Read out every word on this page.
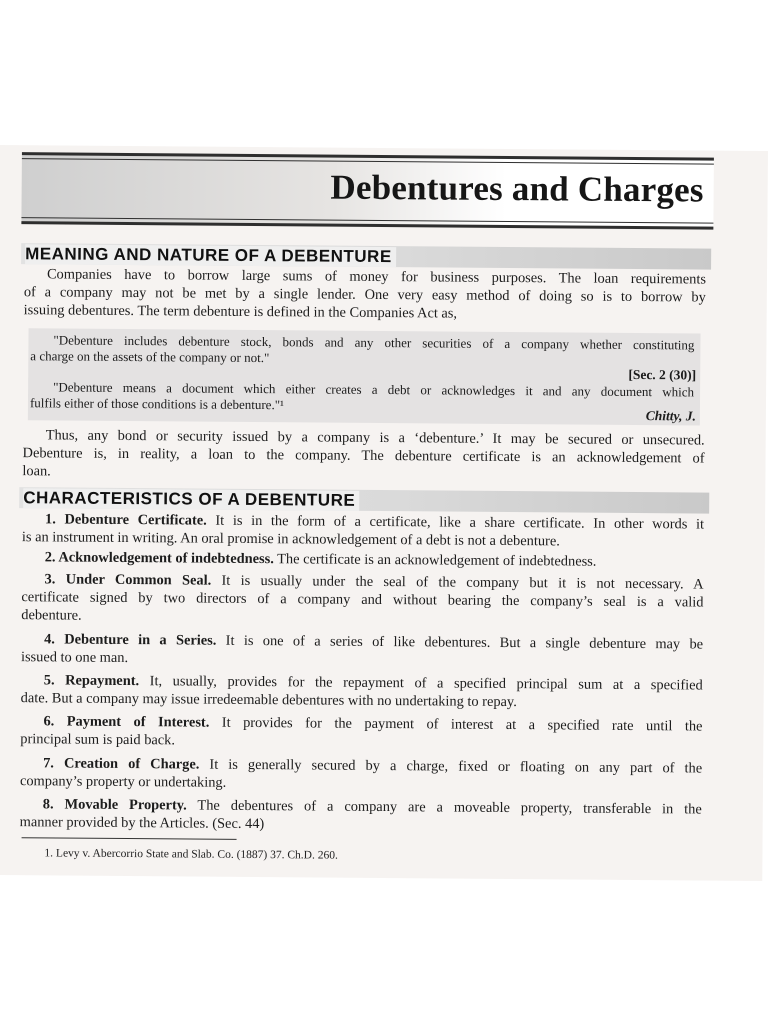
Debentures and Charges
MEANING AND NATURE OF A DEBENTURE
Companies have to borrow large sums of money for business purposes. The loan requirements
of a company may not be met by a single lender. One very easy method of doing so is to borrow by
issuing debentures. The term debenture is defined in the Companies Act as,
"Debenture includes debenture stock, bonds and any other securities of a company whether constituting
a charge on the assets of the company or not."
[Sec. 2 (30)]
"Debenture means a document which either creates a debt or acknowledges it and any document which
fulfils either of those conditions is a debenture."¹
Chitty, J.
Thus, any bond or security issued by a company is a ‘debenture.’ It may be secured or unsecured.
Debenture is, in reality, a loan to the company. The debenture certificate is an acknowledgement of
loan.
CHARACTERISTICS OF A DEBENTURE
1. Debenture Certificate. It is in the form of a certificate, like a share certificate. In other words it
is an instrument in writing. An oral promise in acknowledgement of a debt is not a debenture.
2. Acknowledgement of indebtedness. The certificate is an acknowledgement of indebtedness.
3. Under Common Seal. It is usually under the seal of the company but it is not necessary. A
certificate signed by two directors of a company and without bearing the company’s seal is a valid
debenture.
4. Debenture in a Series. It is one of a series of like debentures. But a single debenture may be
issued to one man.
5. Repayment. It, usually, provides for the repayment of a specified principal sum at a specified
date. But a company may issue irredeemable debentures with no undertaking to repay.
6. Payment of Interest. It provides for the payment of interest at a specified rate until the
principal sum is paid back.
7. Creation of Charge. It is generally secured by a charge, fixed or floating on any part of the
company’s property or undertaking.
8. Movable Property. The debentures of a company are a moveable property, transferable in the
manner provided by the Articles. (Sec. 44)
1. Levy v. Abercorrio State and Slab. Co. (1887) 37. Ch.D. 260.
